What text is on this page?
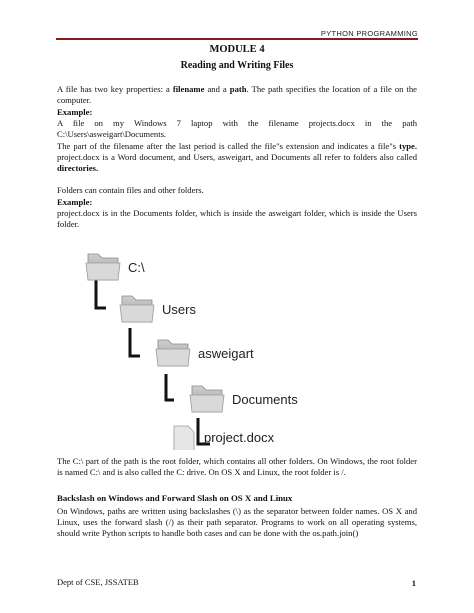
PYTHON PROGRAMMING
MODULE 4
Reading and Writing Files
A file has two key properties: a filename and a path. The path specifies the location of a file on the computer.
Example:
A file on my Windows 7 laptop with the filename projects.docx in the path C:\Users\asweigart\Documents.
The part of the filename after the last period is called the file"s extension and indicates a file"s type. project.docx is a Word document, and Users, asweigart, and Documents all refer to folders also called directories.
Folders can contain files and other folders.
Example:
project.docx is in the Documents folder, which is inside the asweigart folder, which is inside the Users folder.
C:\
Users
asweigart
Documents
project.docx
The C:\ part of the path is the root folder, which contains all other folders. On Windows, the root folder is named C:\ and is also called the C: drive. On OS X and Linux, the root folder is /.
Backslash on Windows and Forward Slash on OS X and Linux
On Windows, paths are written using backslashes (\) as the separator between folder names. OS X and Linux, uses the forward slash (/) as their path separator. Programs to work on all operating systems, should write Python scripts to handle both cases and can be done with the os.path.join()
Dept of CSE, JSSATEB	1
